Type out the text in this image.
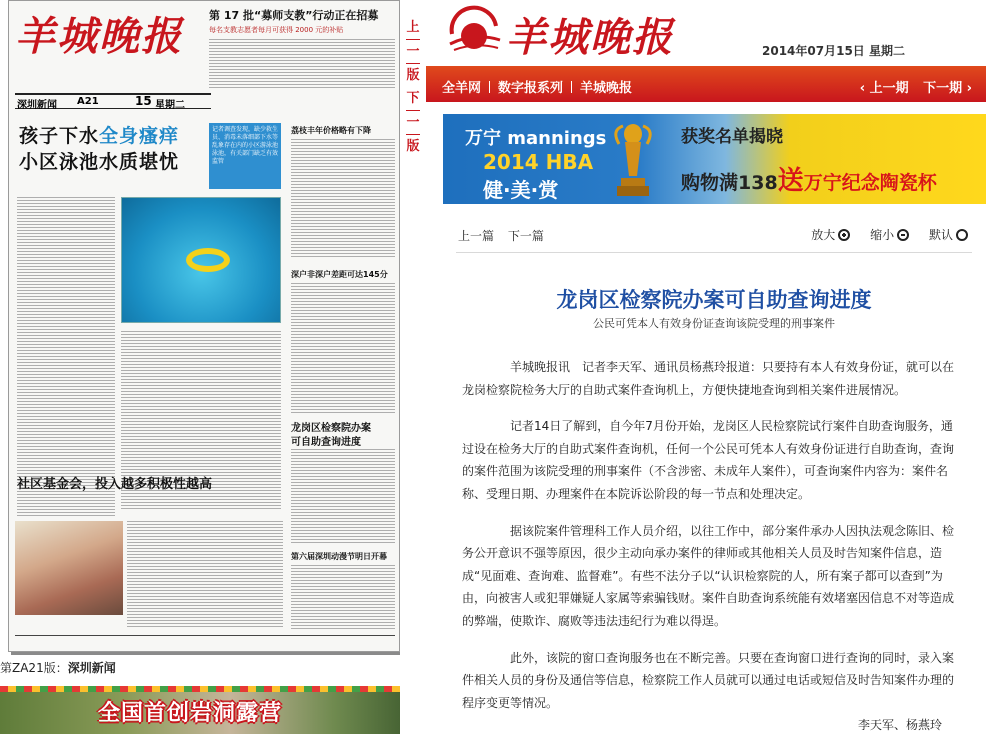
羊城晚报	第 17 批“募师支教”行动正在招募
每名支教志愿者每月可获得 2000 元的补贴
深圳新闻 A21	15 星期二
孩子下水全身瘙痒
小区泳池水质堪忧
记者调查发现，缺少救生员、消毒未落细部下水等乱象存在内的小区游泳池泳池，有关部门缺乏有效监管
荔枝丰年价格略有下降
深户非深户差距可达145分
龙岗区检察院办案
可自助查询进度
社区基金会，投入越多积极性越高
第六届深圳动漫节明日开幕
第ZA21版：深圳新闻
全国首创岩洞露营
上
一
版
下
一
版
羊城晚报	2014年07月15日 星期二
全羊网 数字报系列 羊城晚报	‹ 上一期 下一期 ›
万宁 mannings
2014 HBA
健·美·赏
获奖名单揭晓
购物满138送万宁纪念陶瓷杯
上一篇 下一篇	放大
	缩小
	默认
龙岗区检察院办案可自助查询进度
公民可凭本人有效身份证查询该院受理的刑事案件

羊城晚报讯　记者李天军、通讯员杨燕玲报道：只要持有本人有效身份证，就可以在龙岗检察院检务大厅的自助式案件查询机上，方便快捷地查询到相关案件进展情况。

记者14日了解到，自今年7月份开始，龙岗区人民检察院试行案件自助查询服务，通过设在检务大厅的自助式案件查询机，任何一个公民可凭本人有效身份证进行自助查询，查询的案件范围为该院受理的刑事案件（不含涉密、未成年人案件），可查询案件内容为：案件名称、受理日期、办理案件在本院诉讼阶段的每一节点和处理决定。

据该院案件管理科工作人员介绍，以往工作中，部分案件承办人因执法观念陈旧、检务公开意识不强等原因，很少主动向承办案件的律师或其他相关人员及时告知案件信息，造成“见面难、查询难、监督难”。有些不法分子以“认识检察院的人，所有案子都可以查到”为由，向被害人或犯罪嫌疑人家属等索骗钱财。案件自助查询系统能有效堵塞因信息不对等造成的弊端，使欺诈、腐败等违法违纪行为难以得逞。

此外，该院的窗口查询服务也在不断完善。只要在查询窗口进行查询的同时，录入案件相关人员的身份及通信等信息，检察院工作人员就可以通过电话或短信及时告知案件办理的程序变更等情况。

李天军、杨燕玲
